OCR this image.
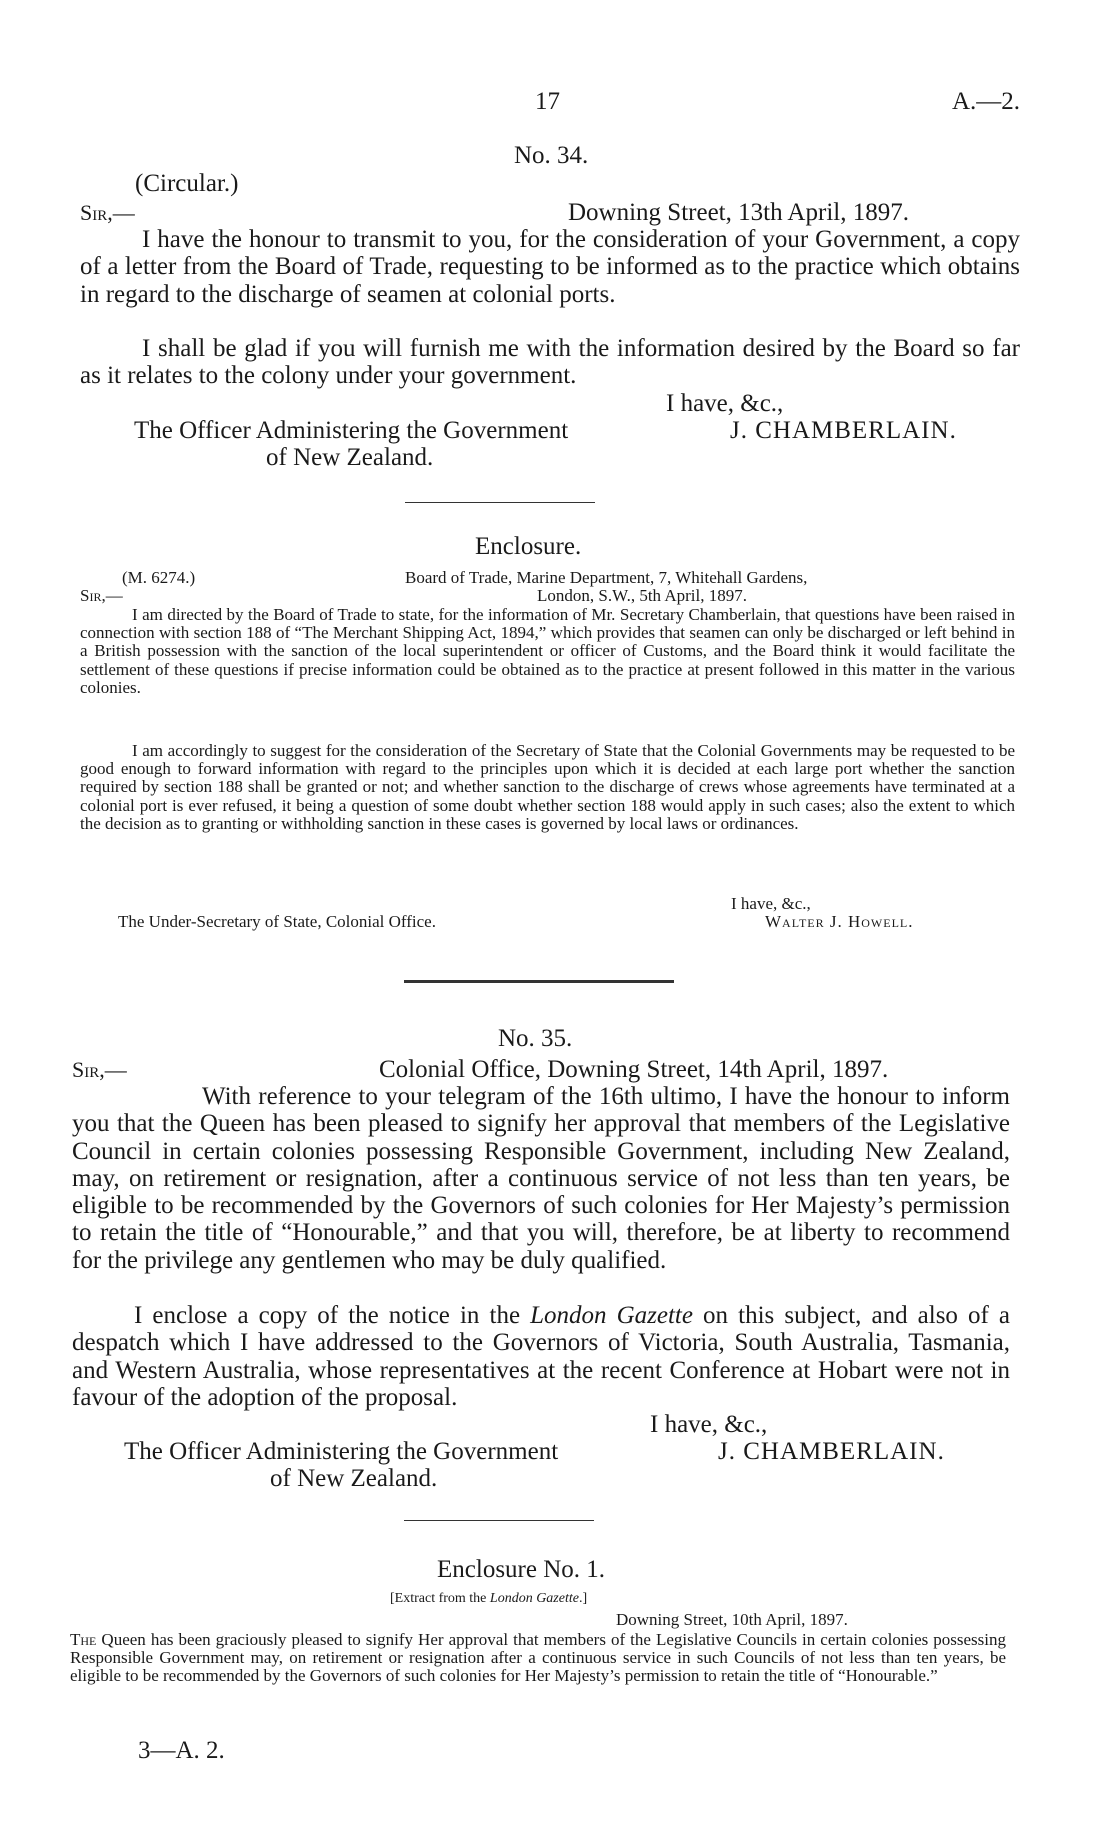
17	A.—2.
No. 34.
(Circular.)
Sir,—	Downing Street, 13th April, 1897.
I have the honour to transmit to you, for the consideration of your Government, a copy of a letter from the Board of Trade, requesting to be informed as to the practice which obtains in regard to the discharge of seamen at colonial ports.
I shall be glad if you will furnish me with the information desired by the Board so far as it relates to the colony under your government.
I have, &c.,
The Officer Administering the Government	J. CHAMBERLAIN.
of New Zealand.
Enclosure.
(M. 6274.)	Board of Trade, Marine Department, 7, Whitehall Gardens,
Sir,—	London, S.W., 5th April, 1897.
I am directed by the Board of Trade to state, for the information of Mr. Secretary Chamberlain, that questions have been raised in connection with section 188 of “The Merchant Shipping Act, 1894,” which provides that seamen can only be discharged or left behind in a British possession with the sanction of the local superintendent or officer of Customs, and the Board think it would facilitate the settlement of these questions if precise information could be obtained as to the practice at present followed in this matter in the various colonies.
I am accordingly to suggest for the consideration of the Secretary of State that the Colonial Governments may be requested to be good enough to forward information with regard to the principles upon which it is decided at each large port whether the sanction required by section 188 shall be granted or not; and whether sanction to the discharge of crews whose agreements have terminated at a colonial port is ever refused, it being a question of some doubt whether section 188 would apply in such cases; also the extent to which the decision as to granting or withholding sanction in these cases is governed by local laws or ordinances.
I have, &c.,
The Under-Secretary of State, Colonial Office.	Walter J. Howell.
No. 35.
Sir,—	Colonial Office, Downing Street, 14th April, 1897.
With reference to your telegram of the 16th ultimo, I have the honour to inform you that the Queen has been pleased to signify her approval that members of the Legislative Council in certain colonies possessing Responsible Government, including New Zealand, may, on retirement or resignation, after a continuous service of not less than ten years, be eligible to be recommended by the Governors of such colonies for Her Majesty’s permission to retain the title of “Honourable,” and that you will, therefore, be at liberty to recommend for the privilege any gentlemen who may be duly qualified.
I enclose a copy of the notice in the London Gazette on this subject, and also of a despatch which I have addressed to the Governors of Victoria, South Australia, Tasmania, and Western Australia, whose representatives at the recent Conference at Hobart were not in favour of the adoption of the proposal.
I have, &c.,
The Officer Administering the Government	J. CHAMBERLAIN.
of New Zealand.
Enclosure No. 1.
[Extract from the London Gazette.]
Downing Street, 10th April, 1897.
The Queen has been graciously pleased to signify Her approval that members of the Legislative Councils in certain colonies possessing Responsible Government may, on retirement or resignation after a continuous service in such Councils of not less than ten years, be eligible to be recommended by the Governors of such colonies for Her Majesty’s permission to retain the title of “Honourable.”
3—A. 2.
